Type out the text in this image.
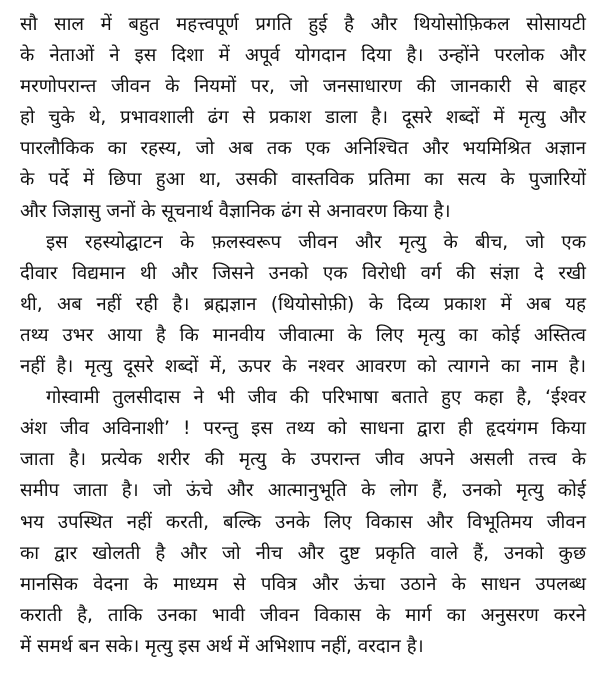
सौ साल में बहुत महत्त्वपूर्ण प्रगति हुई है और थियोसोफ़िकल सोसायटी
के नेताओं ने इस दिशा में अपूर्व योगदान दिया है। उन्होंने परलोक और
मरणोपरान्त जीवन के नियमों पर, जो जनसाधारण की जानकारी से बाहर
हो चुके थे, प्रभावशाली ढंग से प्रकाश डाला है। दूसरे शब्दों में मृत्यु और
पारलौकिक का रहस्य, जो अब तक एक अनिश्चित और भयमिश्रित अज्ञान
के पर्दे में छिपा हुआ था, उसकी वास्तविक प्रतिमा का सत्य के पुजारियों
और जिज्ञासु जनों के सूचनार्थ वैज्ञानिक ढंग से अनावरण किया है।
इस रहस्योद्घाटन के फ़लस्वरूप जीवन और मृत्यु के बीच, जो एक
दीवार विद्यमान थी और जिसने उनको एक विरोधी वर्ग की संज्ञा दे रखी
थी, अब नहीं रही है। ब्रह्मज्ञान (थियोसोफ़ी) के दिव्य प्रकाश में अब यह
तथ्य उभर आया है कि मानवीय जीवात्मा के लिए मृत्यु का कोई अस्तित्व
नहीं है। मृत्यु दूसरे शब्दों में, ऊपर के नश्वर आवरण को त्यागने का नाम है।
गोस्वामी तुलसीदास ने भी जीव की परिभाषा बताते हुए कहा है, ‘ईश्वर
अंश जीव अविनाशी’ ! परन्तु इस तथ्य को साधना द्वारा ही हृदयंगम किया
जाता है। प्रत्येक शरीर की मृत्यु के उपरान्त जीव अपने असली तत्त्व के
समीप जाता है। जो ऊंचे और आत्मानुभूति के लोग हैं, उनको मृत्यु कोई
भय उपस्थित नहीं करती, बल्कि उनके लिए विकास और विभूतिमय जीवन
का द्वार खोलती है और जो नीच और दुष्ट प्रकृति वाले हैं, उनको कुछ
मानसिक वेदना के माध्यम से पवित्र और ऊंचा उठाने के साधन उपलब्ध
कराती है, ताकि उनका भावी जीवन विकास के मार्ग का अनुसरण करने
में समर्थ बन सके। मृत्यु इस अर्थ में अभिशाप नहीं, वरदान है।
